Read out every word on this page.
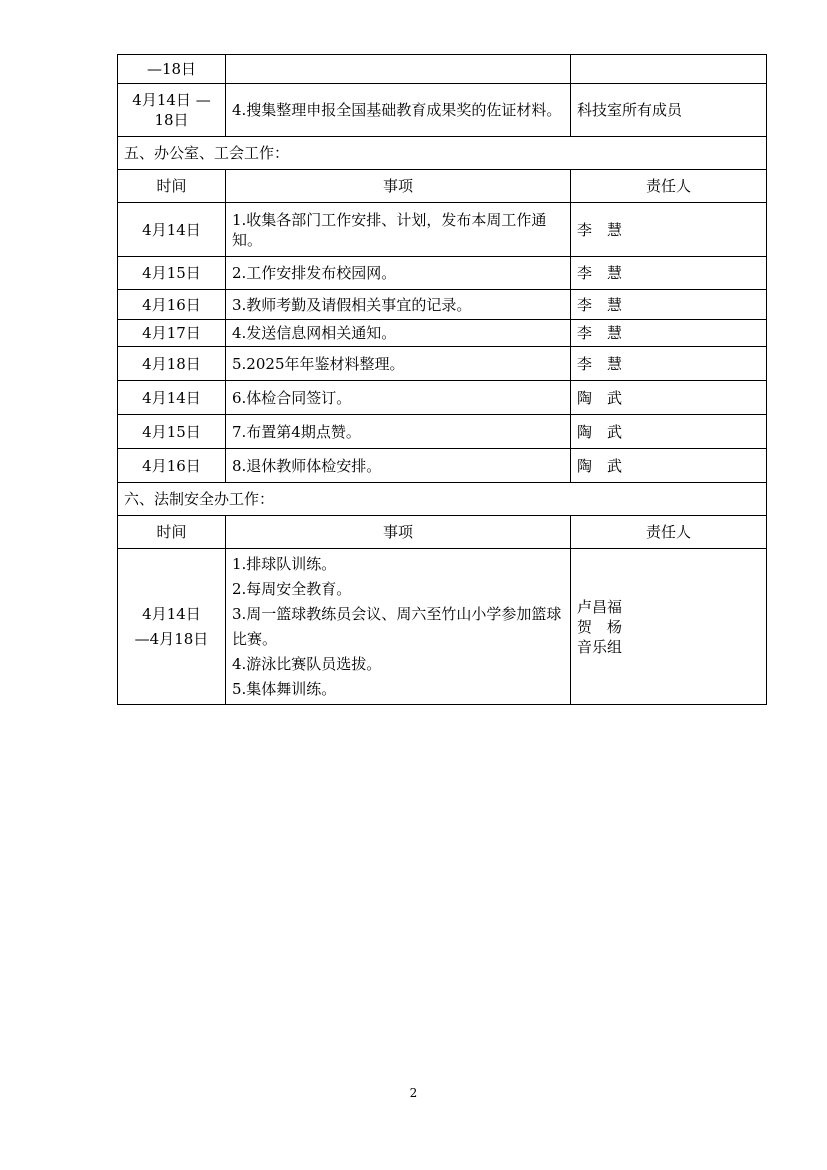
—18日		
4月14日 —18日	4.搜集整理申报全国基础教育成果奖的佐证材料。	科技室所有成员
五、办公室、工会工作：		
时间	事项	责任人
4月14日	1.收集各部门工作安排、计划，发布本周工作通知。	李　慧
4月15日	2.工作安排发布校园网。	李　慧
4月16日	3.教师考勤及请假相关事宜的记录。	李　慧
4月17日	4.发送信息网相关通知。	李　慧
4月18日	5.2025年年鉴材料整理。	李　慧
4月14日	6.体检合同签订。	陶　武
4月15日	7.布置第4期点赞。	陶　武
4月16日	8.退休教师体检安排。	陶　武
六、法制安全办工作：		
时间	事项	责任人

4月14日
—4月18日	1.排球队训练。
2.每周安全教育。
3.周一篮球教练员会议、周六至竹山小学参加篮球比赛。
4.游泳比赛队员选拔。
5.集体舞训练。	卢昌福
贺　杨
音乐组
2
